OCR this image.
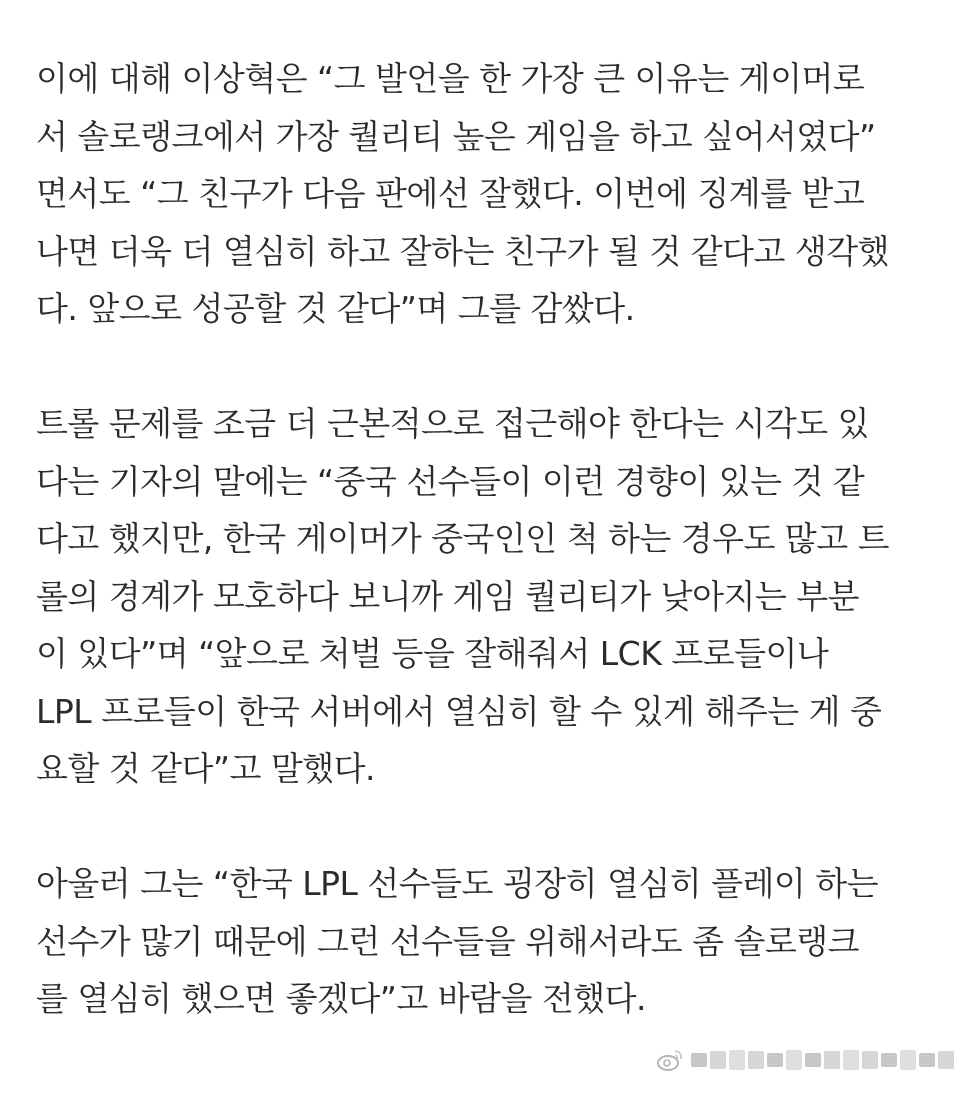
이에 대해 이상혁은 “그 발언을 한 가장 큰 이유는 게이머로
서 솔로랭크에서 가장 퀄리티 높은 게임을 하고 싶어서였다”
면서도 “그 친구가 다음 판에선 잘했다. 이번에 징계를 받고
나면 더욱 더 열심히 하고 잘하는 친구가 될 것 같다고 생각했
다. 앞으로 성공할 것 같다”며 그를 감쌌다.

트롤 문제를 조금 더 근본적으로 접근해야 한다는 시각도 있
다는 기자의 말에는 “중국 선수들이 이런 경향이 있는 것 같
다고 했지만, 한국 게이머가 중국인인 척 하는 경우도 많고 트
롤의 경계가 모호하다 보니까 게임 퀄리티가 낮아지는 부분
이 있다”며 “앞으로 처벌 등을 잘해줘서 LCK 프로들이나
LPL 프로들이 한국 서버에서 열심히 할 수 있게 해주는 게 중
요할 것 같다”고 말했다.

아울러 그는 “한국 LPL 선수들도 굉장히 열심히 플레이 하는
선수가 많기 때문에 그런 선수들을 위해서라도 좀 솔로랭크
를 열심히 했으면 좋겠다”고 바람을 전했다.
